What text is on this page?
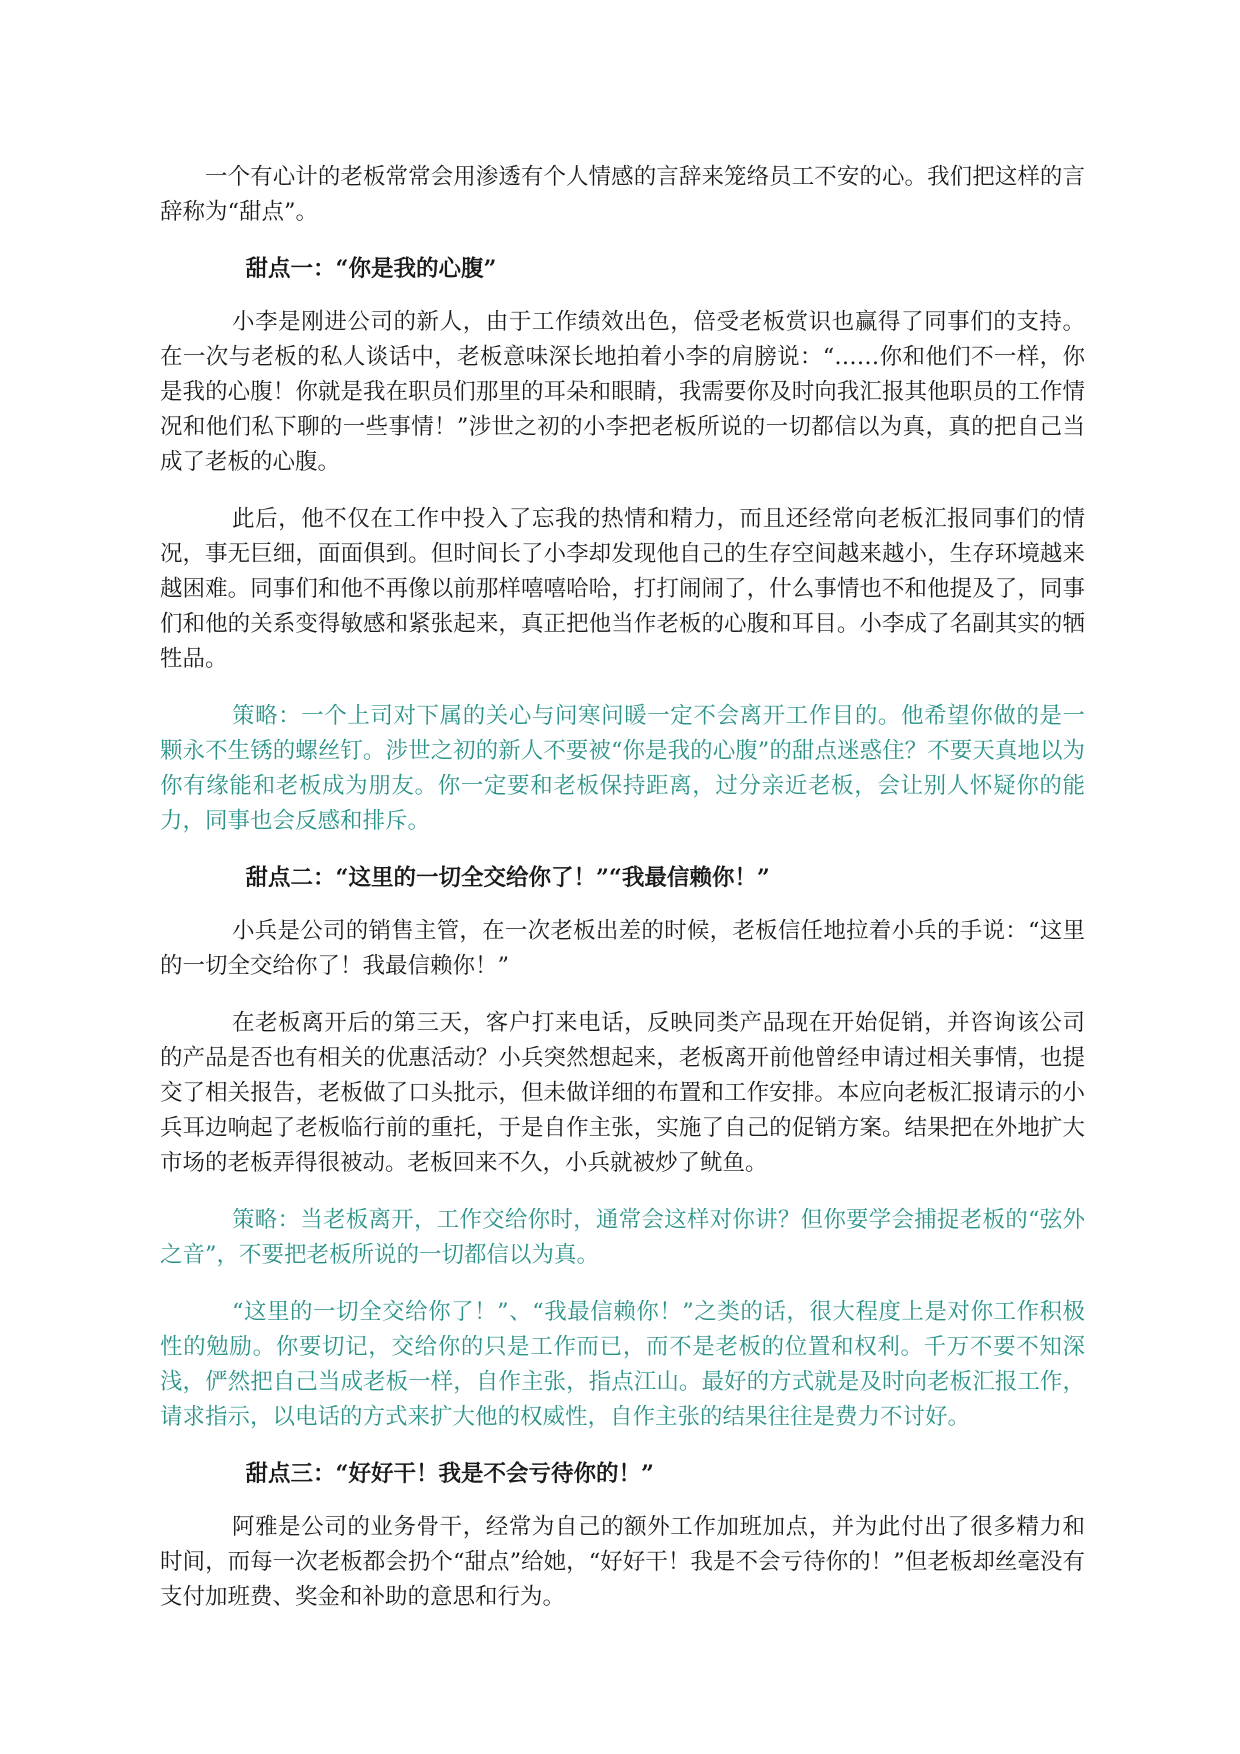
一个有心计的老板常常会用渗透有个人情感的言辞来笼络员工不安的心。我们把这样的言辞称为“甜点”。

甜点一：“你是我的心腹”

小李是刚进公司的新人，由于工作绩效出色，倍受老板赏识也赢得了同事们的支持。在一次与老板的私人谈话中，老板意味深长地拍着小李的肩膀说：“……你和他们不一样，你是我的心腹！你就是我在职员们那里的耳朵和眼睛，我需要你及时向我汇报其他职员的工作情况和他们私下聊的一些事情！”涉世之初的小李把老板所说的一切都信以为真，真的把自己当成了老板的心腹。

此后，他不仅在工作中投入了忘我的热情和精力，而且还经常向老板汇报同事们的情况，事无巨细，面面俱到。但时间长了小李却发现他自己的生存空间越来越小，生存环境越来越困难。同事们和他不再像以前那样嘻嘻哈哈，打打闹闹了，什么事情也不和他提及了，同事们和他的关系变得敏感和紧张起来，真正把他当作老板的心腹和耳目。小李成了名副其实的牺牲品。

策略：一个上司对下属的关心与问寒问暖一定不会离开工作目的。他希望你做的是一颗永不生锈的螺丝钉。涉世之初的新人不要被“你是我的心腹”的甜点迷惑住？不要天真地以为你有缘能和老板成为朋友。你一定要和老板保持距离，过分亲近老板，会让别人怀疑你的能力，同事也会反感和排斥。

甜点二：“这里的一切全交给你了！”“我最信赖你！”

小兵是公司的销售主管，在一次老板出差的时候，老板信任地拉着小兵的手说：“这里的一切全交给你了！我最信赖你！”

在老板离开后的第三天，客户打来电话，反映同类产品现在开始促销，并咨询该公司的产品是否也有相关的优惠活动？小兵突然想起来，老板离开前他曾经申请过相关事情，也提交了相关报告，老板做了口头批示，但未做详细的布置和工作安排。本应向老板汇报请示的小兵耳边响起了老板临行前的重托，于是自作主张，实施了自己的促销方案。结果把在外地扩大市场的老板弄得很被动。老板回来不久，小兵就被炒了鱿鱼。

策略：当老板离开，工作交给你时，通常会这样对你讲？但你要学会捕捉老板的“弦外之音”，不要把老板所说的一切都信以为真。

“这里的一切全交给你了！”、“我最信赖你！”之类的话，很大程度上是对你工作积极性的勉励。你要切记，交给你的只是工作而已，而不是老板的位置和权利。千万不要不知深浅，俨然把自己当成老板一样，自作主张，指点江山。最好的方式就是及时向老板汇报工作，请求指示，以电话的方式来扩大他的权威性，自作主张的结果往往是费力不讨好。

甜点三：“好好干！我是不会亏待你的！”

阿雅是公司的业务骨干，经常为自己的额外工作加班加点，并为此付出了很多精力和时间，而每一次老板都会扔个“甜点”给她，“好好干！我是不会亏待你的！”但老板却丝毫没有支付加班费、奖金和补助的意思和行为。
